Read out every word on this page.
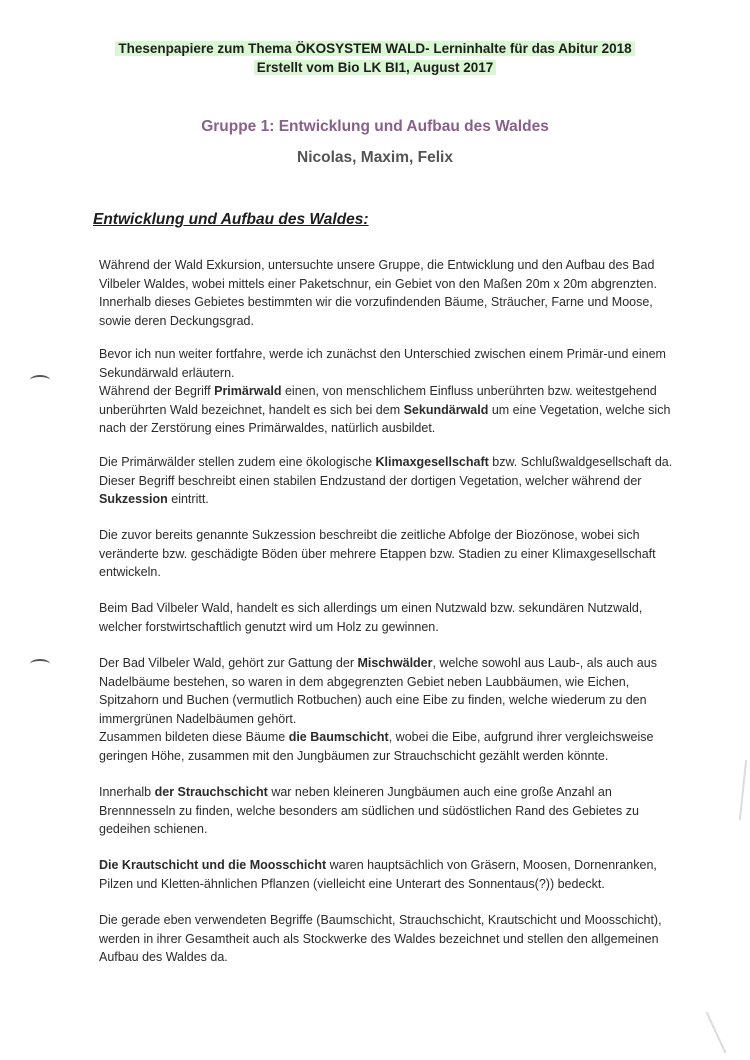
Thesenpapiere zum Thema ÖKOSYSTEM WALD- Lerninhalte für das Abitur 2018
Erstellt vom Bio LK BI1, August 2017
Gruppe 1: Entwicklung und Aufbau des Waldes
Nicolas, Maxim, Felix
Entwicklung und Aufbau des Waldes:
Während der Wald Exkursion, untersuchte unsere Gruppe, die Entwicklung und den Aufbau des Bad
Vilbeler Waldes, wobei mittels einer Paketschnur, ein Gebiet von den Maßen 20m x 20m abgrenzten.
Innerhalb dieses Gebietes bestimmten wir die vorzufindenden Bäume, Sträucher, Farne und Moose,
sowie deren Deckungsgrad.
Bevor ich nun weiter fortfahre, werde ich zunächst den Unterschied zwischen einem Primär-und einem
Sekundärwald erläutern.
Während der Begriff Primärwald einen, von menschlichem Einfluss unberührten bzw. weitestgehend
unberührten Wald bezeichnet, handelt es sich bei dem Sekundärwald um eine Vegetation, welche sich
nach der Zerstörung eines Primärwaldes, natürlich ausbildet.
Die Primärwälder stellen zudem eine ökologische Klimaxgesellschaft bzw. Schlußwaldgesellschaft da.
Dieser Begriff beschreibt einen stabilen Endzustand der dortigen Vegetation, welcher während der
Sukzession eintritt.
Die zuvor bereits genannte Sukzession beschreibt die zeitliche Abfolge der Biozönose, wobei sich
veränderte bzw. geschädigte Böden über mehrere Etappen bzw. Stadien zu einer Klimaxgesellschaft
entwickeln.
Beim Bad Vilbeler Wald, handelt es sich allerdings um einen Nutzwald bzw. sekundären Nutzwald,
welcher forstwirtschaftlich genutzt wird um Holz zu gewinnen.
Der Bad Vilbeler Wald, gehört zur Gattung der Mischwälder, welche sowohl aus Laub-, als auch aus
Nadelbäume bestehen, so waren in dem abgegrenzten Gebiet neben Laubbäumen, wie Eichen,
Spitzahorn und Buchen (vermutlich Rotbuchen) auch eine Eibe zu finden, welche wiederum zu den
immergrünen Nadelbäumen gehört.
Zusammen bildeten diese Bäume die Baumschicht, wobei die Eibe, aufgrund ihrer vergleichsweise
geringen Höhe, zusammen mit den Jungbäumen zur Strauchschicht gezählt werden könnte.
Innerhalb der Strauchschicht war neben kleineren Jungbäumen auch eine große Anzahl an
Brennnesseln zu finden, welche besonders am südlichen und südöstlichen Rand des Gebietes zu
gedeihen schienen.
Die Krautschicht und die Moosschicht waren hauptsächlich von Gräsern, Moosen, Dornenranken,
Pilzen und Kletten-ähnlichen Pflanzen (vielleicht eine Unterart des Sonnentaus(?)) bedeckt.
Die gerade eben verwendeten Begriffe (Baumschicht, Strauchschicht, Krautschicht und Moosschicht),
werden in ihrer Gesamtheit auch als Stockwerke des Waldes bezeichnet und stellen den allgemeinen
Aufbau des Waldes da.
